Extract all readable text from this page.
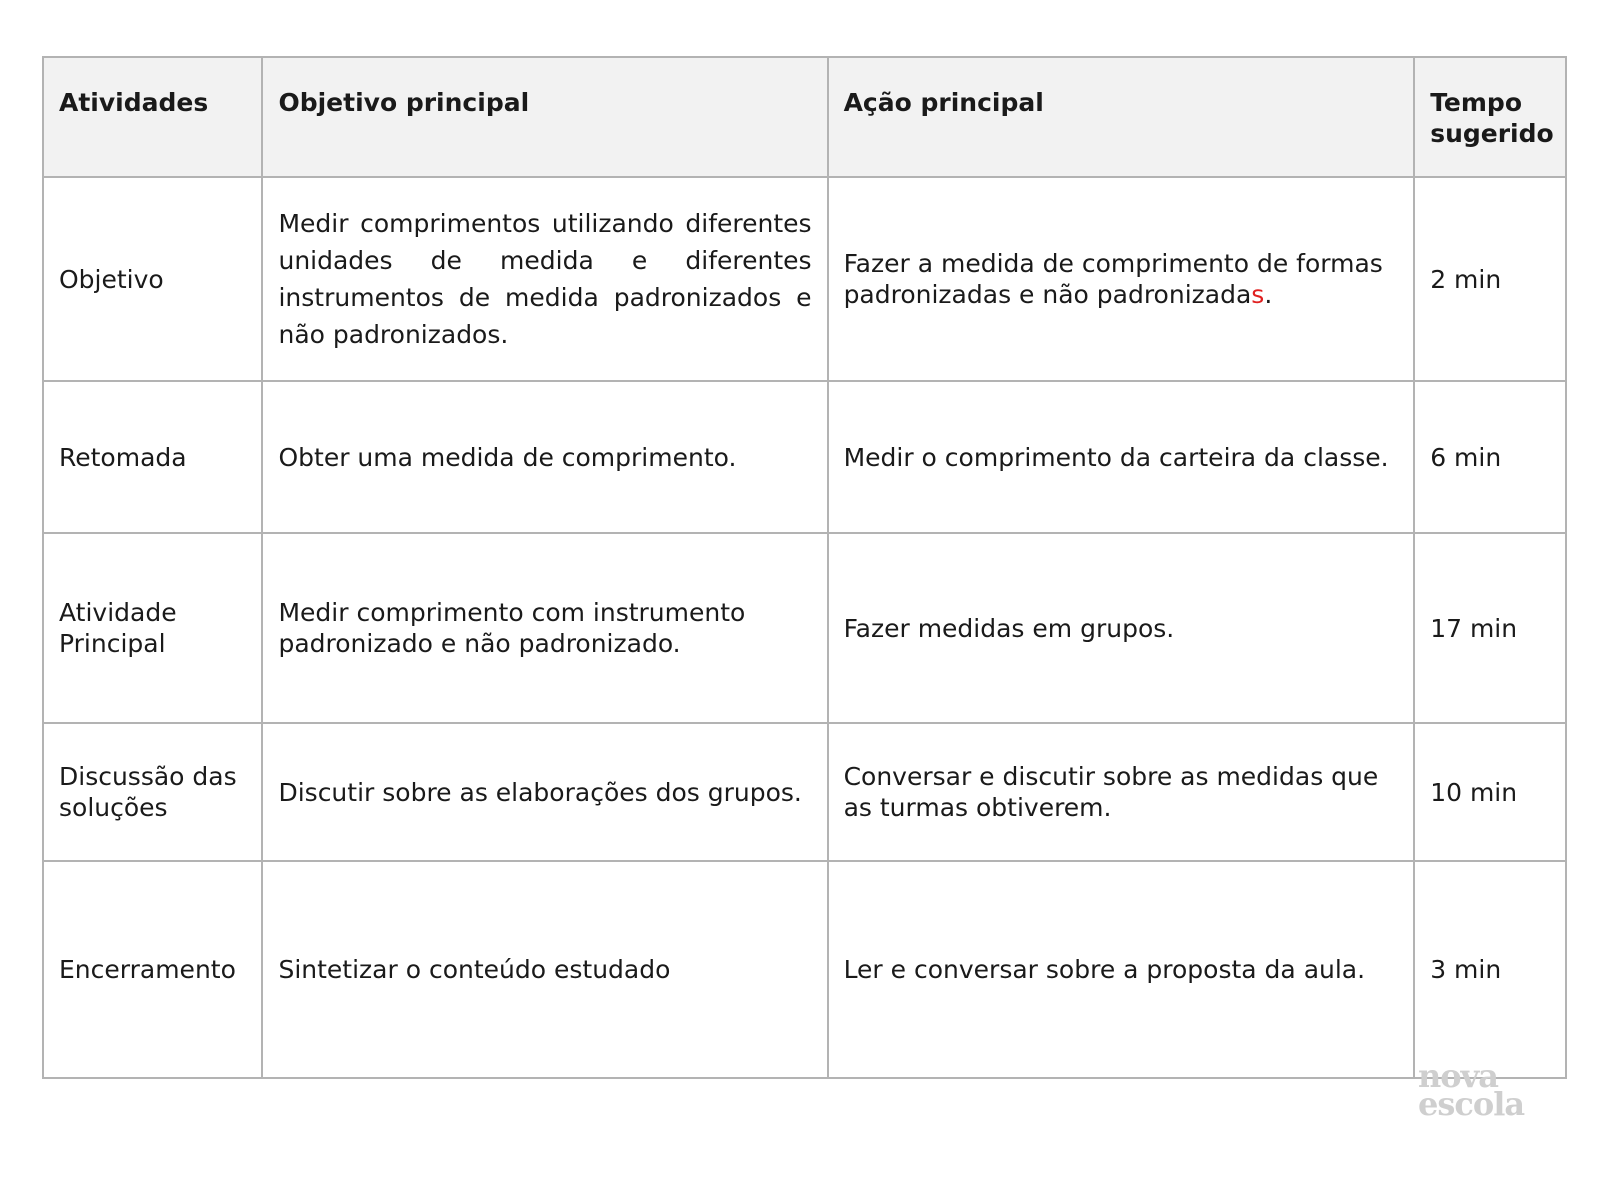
Atividades	Objetivo principal	Ação principal	Tempo sugerido
Objetivo	Medir comprimentos utilizando diferentes unidades de medida e diferentes instrumentos de medida padronizados e não padronizados.	Fazer a medida de comprimento de formas padronizadas e não padronizadas.	2 min
Retomada	Obter uma medida de comprimento.	Medir o comprimento da carteira da classe.	6 min
Atividade Principal	Medir comprimento com instrumento padronizado e não padronizado.	Fazer medidas em grupos.	17 min
Discussão das soluções	Discutir sobre as elaborações dos grupos.	Conversar e discutir sobre as medidas que as turmas obtiverem.	10 min
Encerramento	Sintetizar o conteúdo estudado	Ler e conversar sobre a proposta da aula.	3 min
nova
escola
